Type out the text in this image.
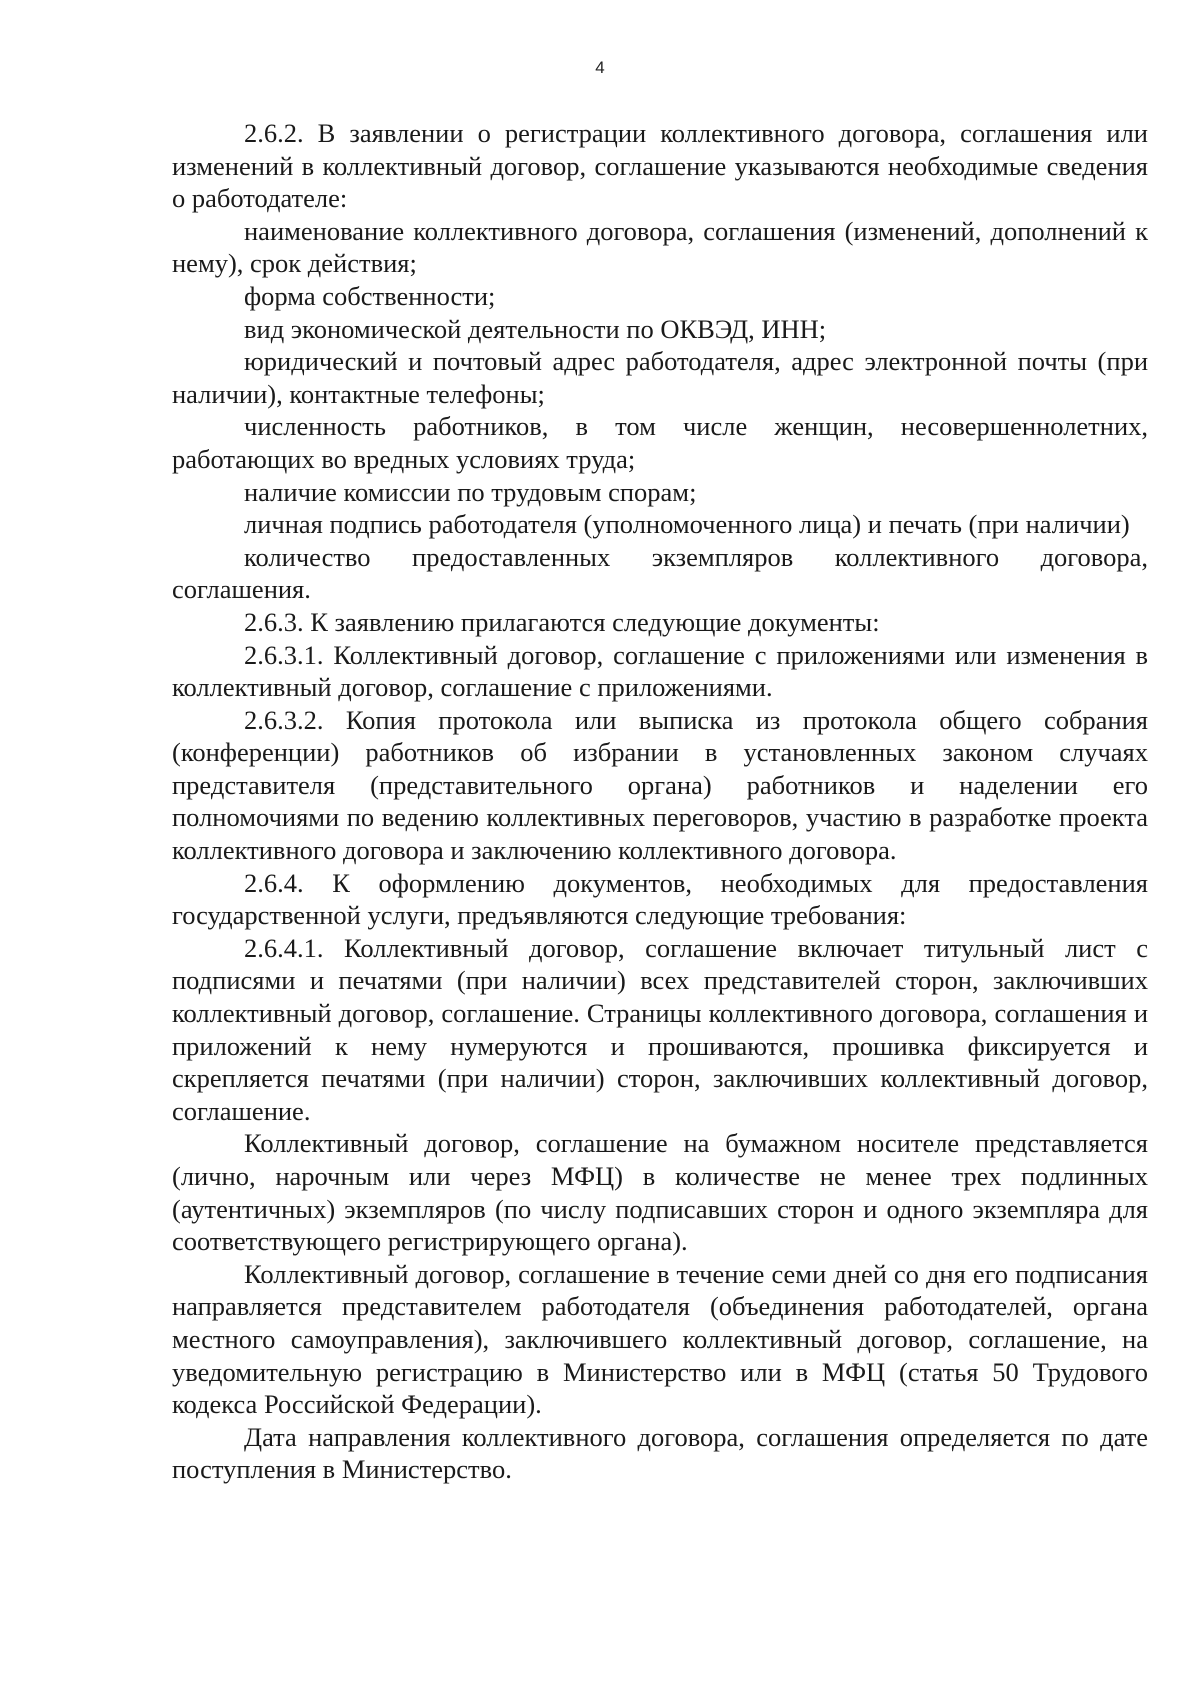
4

2.6.2. В заявлении о регистрации коллективного договора, соглашения или изменений в коллективный договор, соглашение указываются необходимые сведения о работодателе:

наименование коллективного договора, соглашения (изменений, дополнений к нему), срок действия;

форма собственности;

вид экономической деятельности по ОКВЭД, ИНН;

юридический и почтовый адрес работодателя, адрес электронной почты (при наличии), контактные телефоны;

численность работников, в том числе женщин, несовершеннолетних, работающих во вредных условиях труда;

наличие комиссии по трудовым спорам;

личная подпись работодателя (уполномоченного лица) и печать (при наличии)

количество предоставленных экземпляров коллективного договора, соглашения.

2.6.3. К заявлению прилагаются следующие документы:

2.6.3.1. Коллективный договор, соглашение с приложениями или изменения в коллективный договор, соглашение с приложениями.

2.6.3.2. Копия протокола или выписка из протокола общего собрания (конференции) работников об избрании в установленных законом случаях представителя (представительного органа) работников и наделении его полномочиями по ведению коллективных переговоров, участию в разработке проекта коллективного договора и заключению коллективного договора.

2.6.4. К оформлению документов, необходимых для предоставления государственной услуги, предъявляются следующие требования:

2.6.4.1. Коллективный договор, соглашение включает титульный лист с подписями и печатями (при наличии) всех представителей сторон, заключивших коллективный договор, соглашение. Страницы коллективного договора, соглашения и приложений к нему нумеруются и прошиваются, прошивка фиксируется и скрепляется печатями (при наличии) сторон, заключивших коллективный договор, соглашение.

Коллективный договор, соглашение на бумажном носителе представляется (лично, нарочным или через МФЦ) в количестве не менее трех подлинных (аутентичных) экземпляров (по числу подписавших сторон и одного экземпляра для соответствующего регистрирующего органа).

Коллективный договор, соглашение в течение семи дней со дня его подписания направляется представителем работодателя (объединения работодателей, органа местного самоуправления), заключившего коллективный договор, соглашение, на уведомительную регистрацию в Министерство или в МФЦ (статья 50 Трудового кодекса Российской Федерации).

Дата направления коллективного договора, соглашения определяется по дате поступления в Министерство.
